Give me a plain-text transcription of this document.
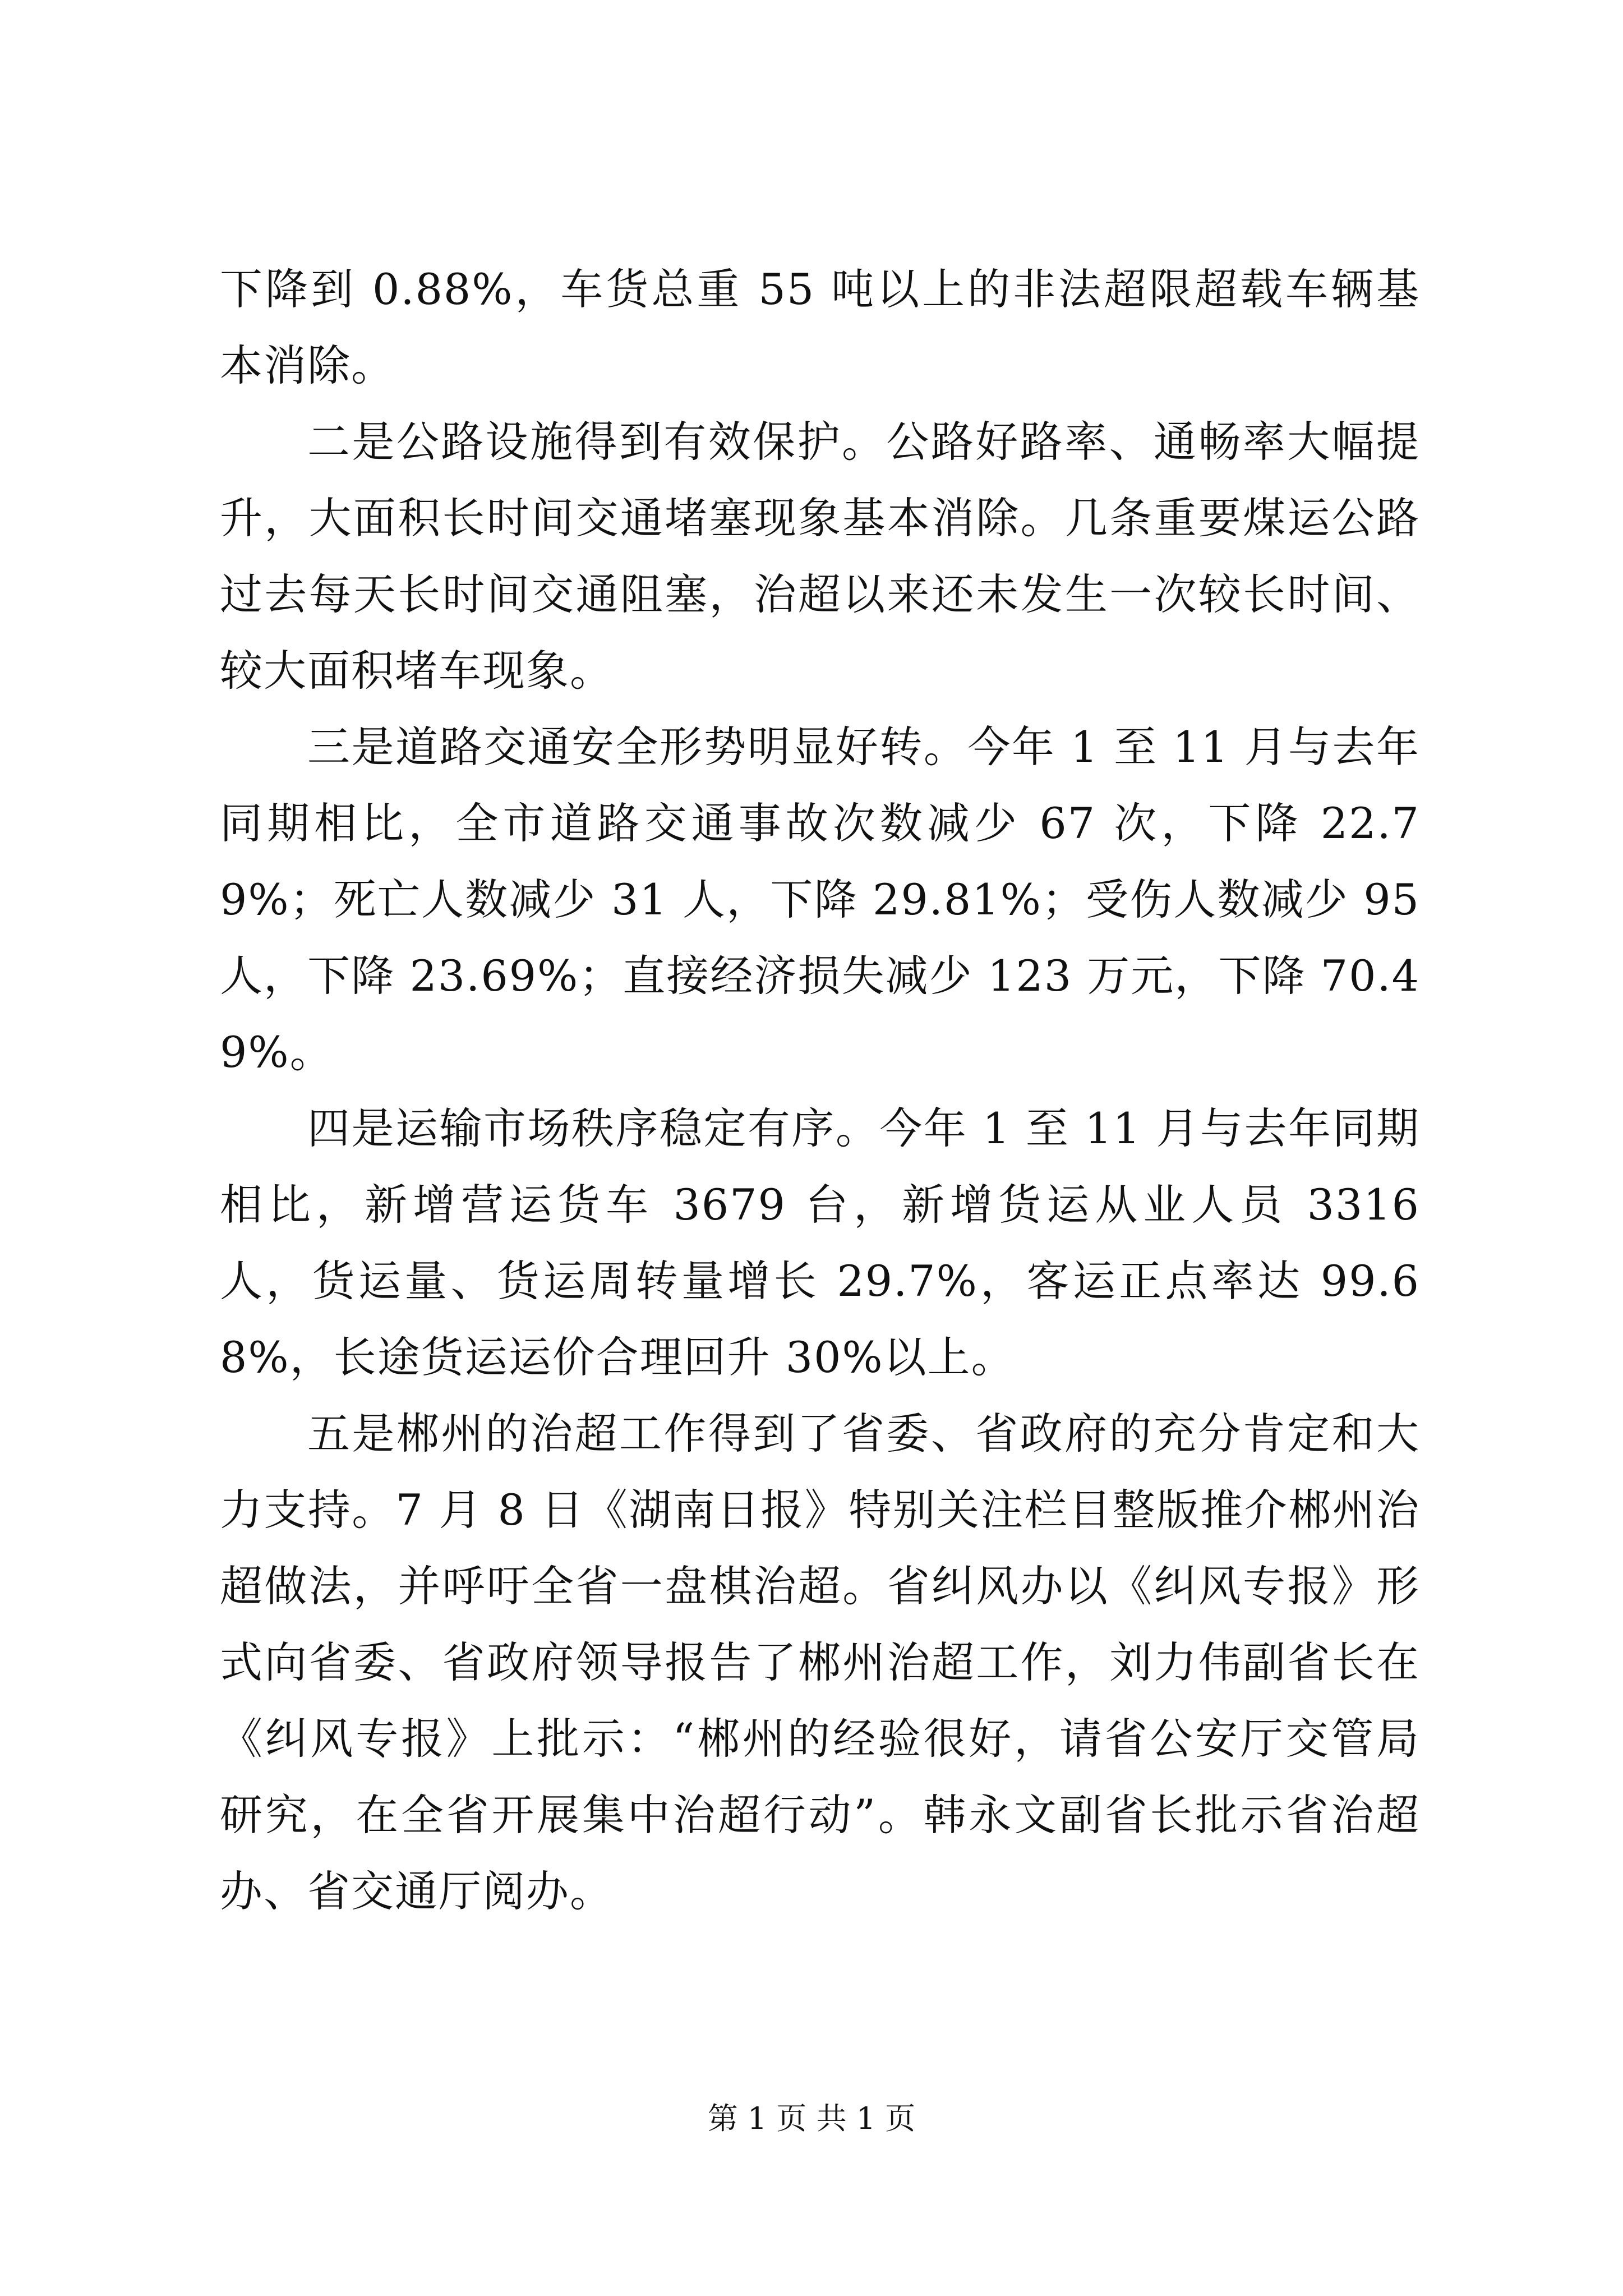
下降到 0.88%，车货总重 55 吨以上的非法超限超载车辆基本消除。

二是公路设施得到有效保护。公路好路率、通畅率大幅提升，大面积长时间交通堵塞现象基本消除。几条重要煤运公路过去每天长时间交通阻塞，治超以来还未发生一次较长时间、较大面积堵车现象。

三是道路交通安全形势明显好转。今年 1 至 11 月与去年同期相比，全市道路交通事故次数减少 67 次，下降 22.79%；死亡人数减少 31 人，下降 29.81%；受伤人数减少 95 人，下降 23.69%；直接经济损失减少 123 万元，下降 70.49%。

四是运输市场秩序稳定有序。今年 1 至 11 月与去年同期相比，新增营运货车 3679 台，新增货运从业人员 3316 人，货运量、货运周转量增长 29.7%，客运正点率达 99.68%，长途货运运价合理回升 30%以上。

五是郴州的治超工作得到了省委、省政府的充分肯定和大力支持。7 月 8 日《湖南日报》特别关注栏目整版推介郴州治超做法，并呼吁全省一盘棋治超。省纠风办以《纠风专报》形式向省委、省政府领导报告了郴州治超工作，刘力伟副省长在《纠风专报》上批示：“郴州的经验很好，请省公安厅交管局研究，在全省开展集中治超行动”。韩永文副省长批示省治超办、省交通厅阅办。

第 1 页 共 1 页
